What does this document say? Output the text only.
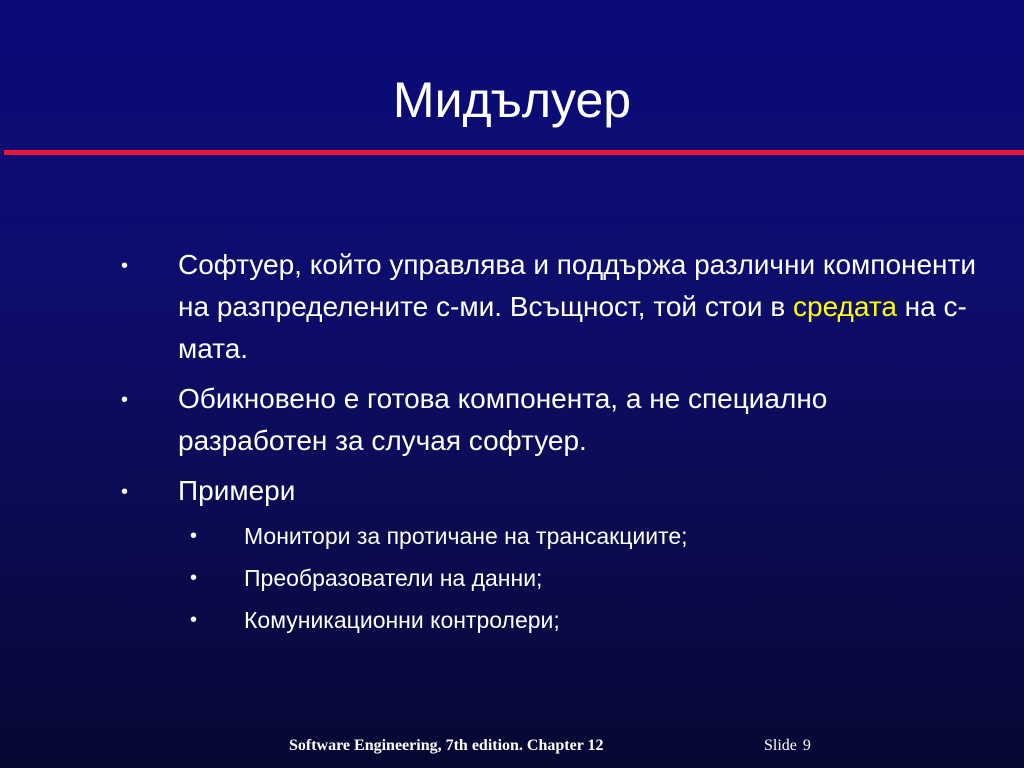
Мидълуер
• Софтуер, който управлява и поддържа различни компоненти на разпределените с-ми. Всъщност, той стои в средата на с-мата.
• Обикновено е готова компонента, а не специално разработен за случая софтуер.
• Примери
• Монитори за протичане на трансакциите;
• Преобразователи на данни;
• Комуникационни контролери;
Software Engineering, 7th edition. Chapter 12	Slide 9
